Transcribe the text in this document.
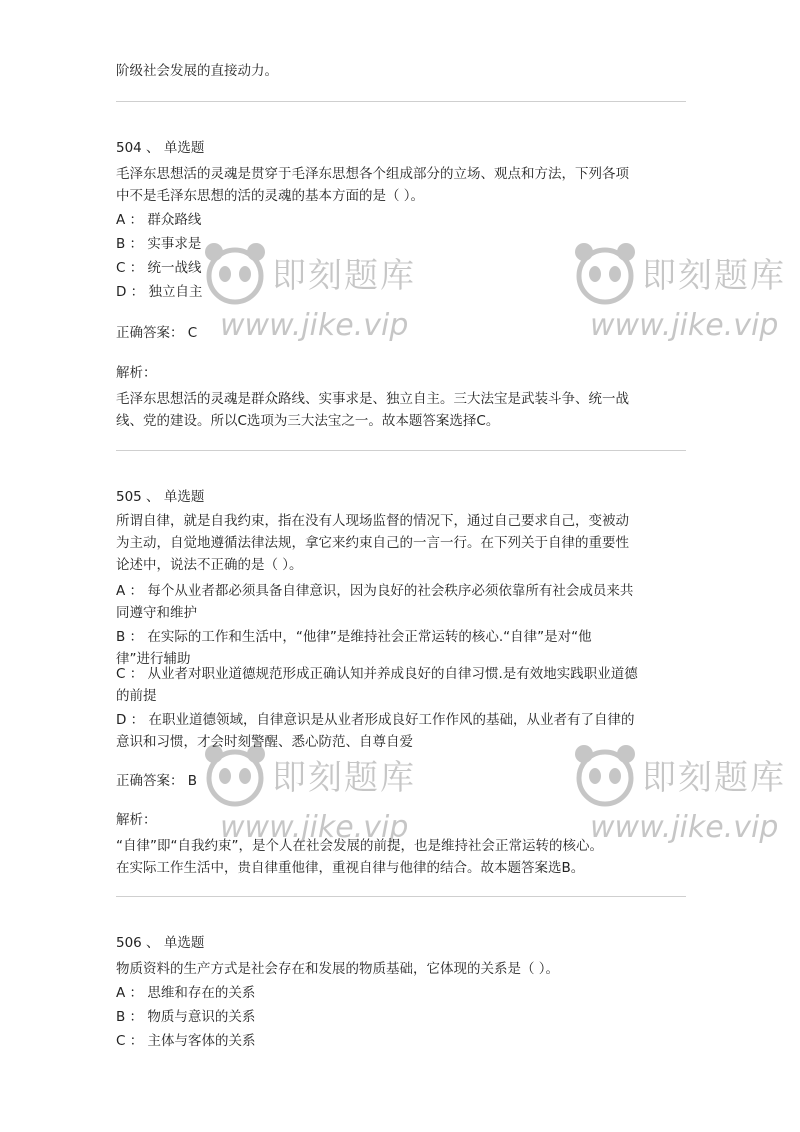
即刻题库
www.jike.vip
即刻题库
www.jike.vip
即刻题库
www.jike.vip
即刻题库
www.jike.vip
阶级社会发展的直接动力。
504 、 单选题
毛泽东思想活的灵魂是贯穿于毛泽东思想各个组成部分的立场、观点和方法，下列各项
中不是毛泽东思想的活的灵魂的基本方面的是（ ）。
A ： 群众路线
B ： 实事求是
C ： 统一战线
D ： 独立自主
正确答案： C
解析：
毛泽东思想活的灵魂是群众路线、实事求是、独立自主。三大法宝是武装斗争、统一战
线、党的建设。所以C选项为三大法宝之一。故本题答案选择C。
505 、 单选题
所谓自律，就是自我约束，指在没有人现场监督的情况下，通过自己要求自己，变被动
为主动，自觉地遵循法律法规，拿它来约束自己的一言一行。在下列关于自律的重要性
论述中，说法不正确的是（ ）。
A ： 每个从业者都必须具备自律意识，因为良好的社会秩序必须依靠所有社会成员来共
同遵守和维护
B ： 在实际的工作和生活中，“他律”是维持社会正常运转的核心.“自律”是对“他
律”进行辅助
C ： 从业者对职业道德规范形成正确认知并养成良好的自律习惯.是有效地实践职业道德
的前提
D ： 在职业道德领域，自律意识是从业者形成良好工作作风的基础，从业者有了自律的
意识和习惯，才会时刻警醒、悉心防范、自尊自爱
正确答案： B
解析：
“自律”即“自我约束”，是个人在社会发展的前提，也是维持社会正常运转的核心。
在实际工作生活中，贵自律重他律，重视自律与他律的结合。故本题答案选B。
506 、 单选题
物质资料的生产方式是社会存在和发展的物质基础，它体现的关系是（ ）。
A ： 思维和存在的关系
B ： 物质与意识的关系
C ： 主体与客体的关系
